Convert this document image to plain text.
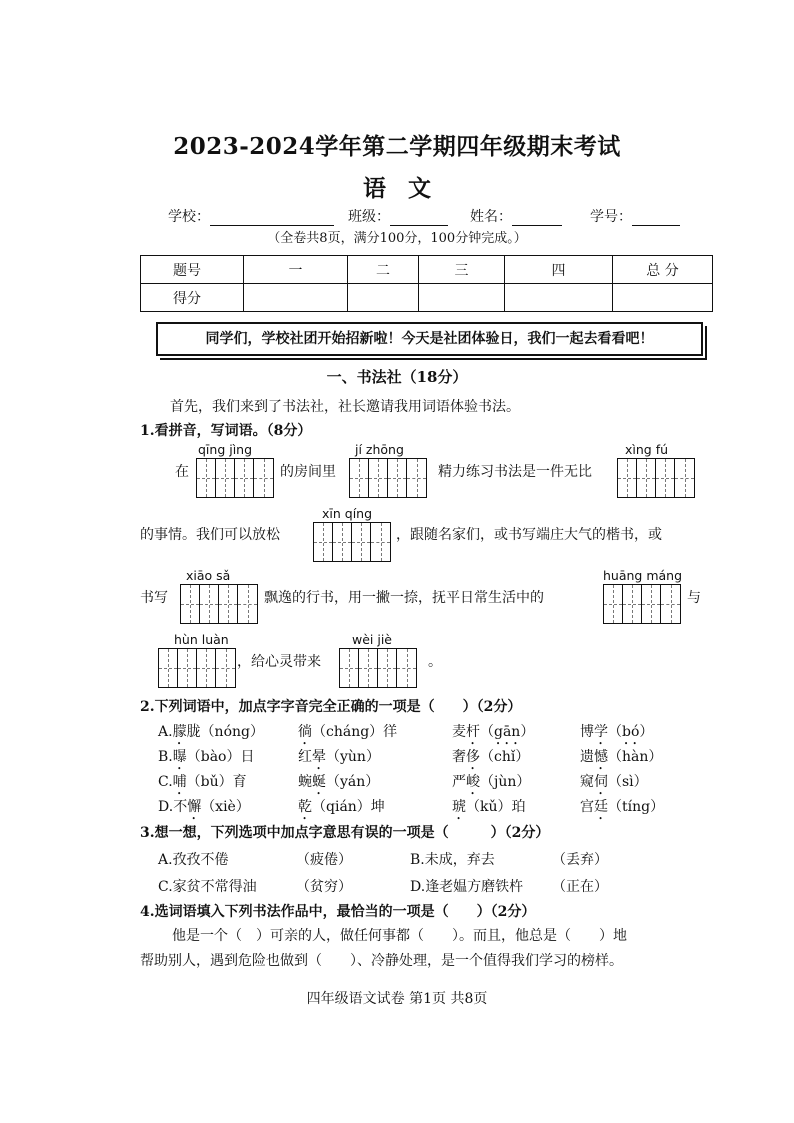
2023-2024学年第二学期四年级期末考试
语文
学校：	班级：	姓名：	学号：
（全卷共8页，满分100分，100分钟完成。）
题号	一	二	三	四	总 分
得分					
同学们，学校社团开始招新啦！今天是社团体验日，我们一起去看看吧！
一、书法社（18分）
首先，我们来到了书法社，社长邀请我用词语体验书法。
1.看拼音，写词语。（8分）
qīng jìng	jí zhōng	xìng fú
在	的房间里	精力练习书法是一件无比
xīn qíng
的事情。我们可以放松	，跟随名家们，或书写端庄大气的楷书，或
xiāo sǎ	huāng máng
书写	飘逸的行书，用一撇一捺，抚平日常生活中的	与
hùn luàn	wèi jiè
，给心灵带来	。
2.下列词语中，加点字字音完全正确的一项是（　　）（2分）
A.朦胧（nóng） 徜（cháng）徉	麦杆（gān）	博学（bó）
B.曝（bào）日	红晕（yùn）	奢侈（chǐ）	遗憾（hàn）
C.哺（bǔ）育	蜿蜒（yán）	严峻（jùn）	窥伺（sì）
D.不懈（xiè）	乾（qián）坤	琥（kǔ）珀	宫廷（tíng）
3.想一想，下列选项中加点字意思有误的一项是（　　　）（2分）
A.孜孜不倦	（疲倦）	B.未成，弃去	（丢弃）
C.家贫不常得油	（贫穷）	D.逢老媪方磨铁杵 （正在）
4.选词语填入下列书法作品中，最恰当的一项是（　　）（2分）
他是一个（　）可亲的人，做任何事都（　　）。而且，他总是（　　）地
帮助别人，遇到危险也做到（　　）、冷静处理，是一个值得我们学习的榜样。
四年级语文试卷 第1页 共8页
